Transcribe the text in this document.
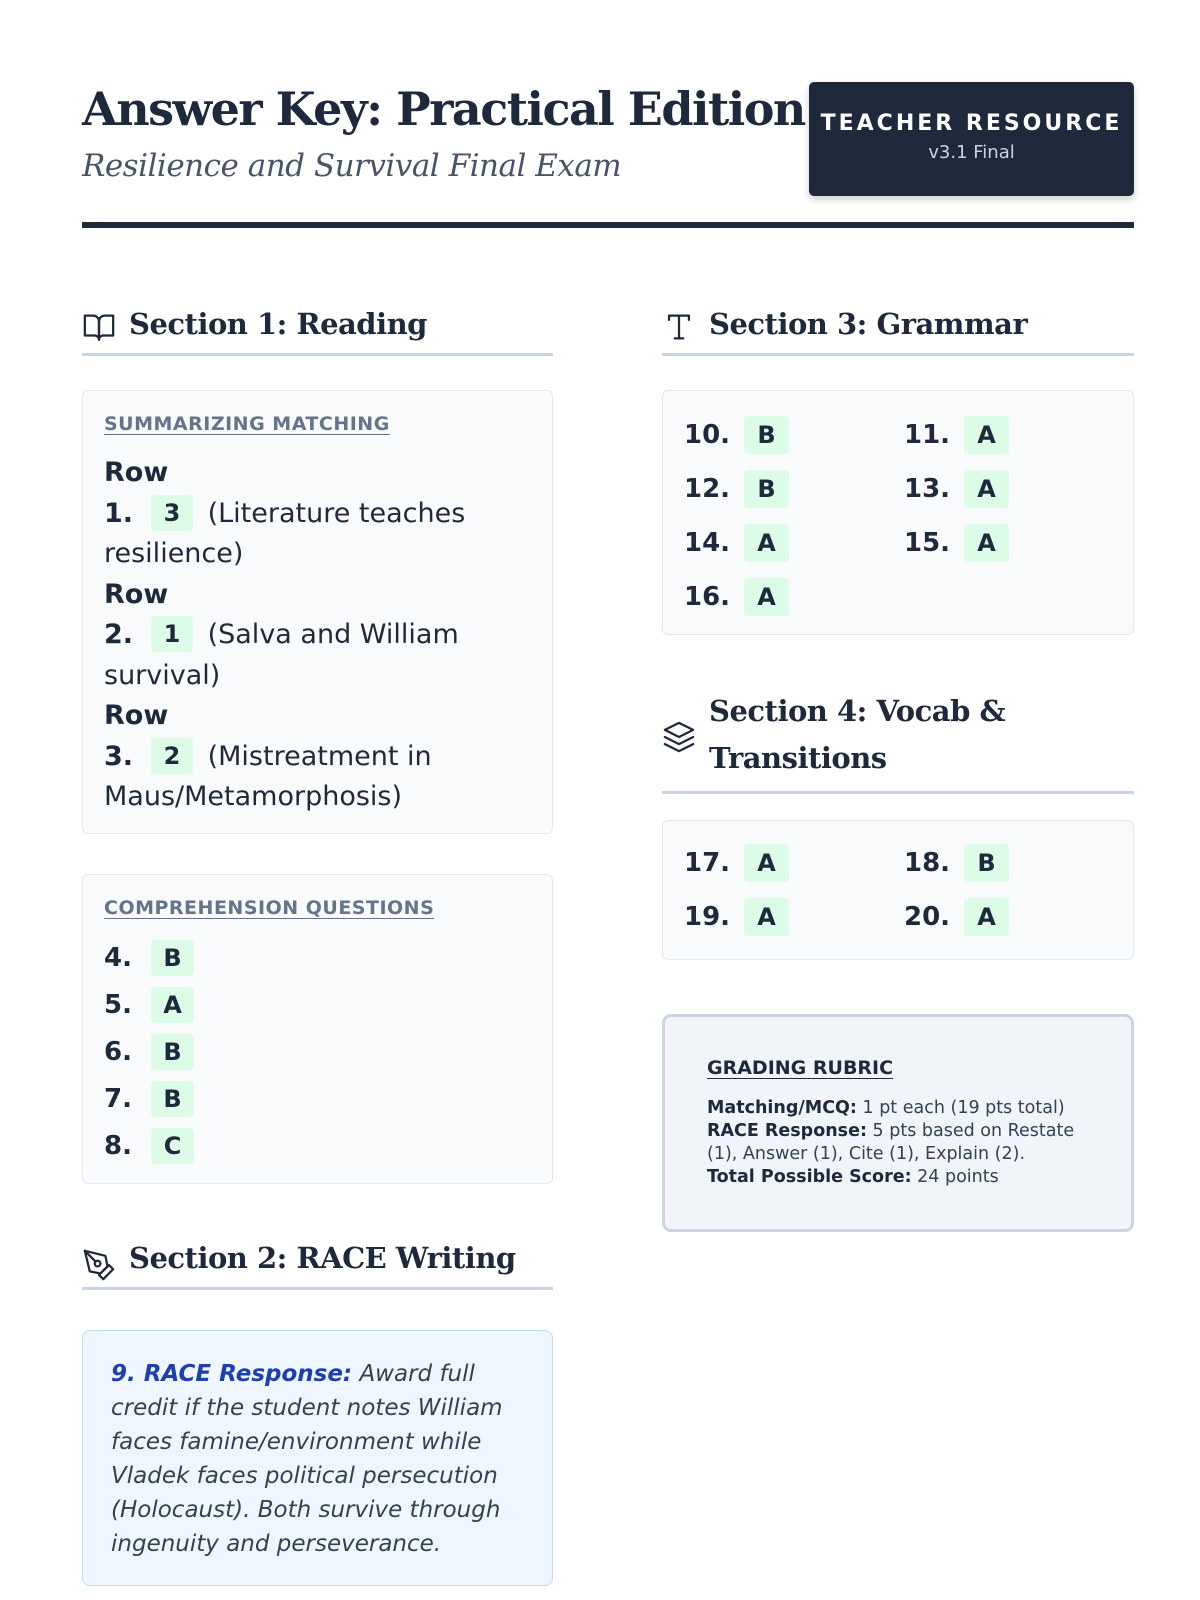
Answer Key: Practical Edition
Resilience and Survival Final Exam
TEACHER RESOURCE
v3.1 Final
Section 1: Reading
SUMMARIZING MATCHING
Row
1. 3 (Literature teaches resilience)
Row
2. 1 (Salva and William survival)
Row
3. 2 (Mistreatment in Maus/Metamorphosis)
COMPREHENSION QUESTIONS
4.	B
5.	A
6.	B
7.	B
8.	C
Section 2: RACE Writing
9. RACE Response: Award full credit if the student notes William faces famine/environment while Vladek faces political persecution (Holocaust). Both survive through ingenuity and perseverance.
Section 3: Grammar
10.	B	11.	A
12.	B	13.	A
14.	A	15.	A
16.	A
Section 4: Vocab &
Transitions
17.	A	18.	B
19.	A	20.	A
GRADING RUBRIC
Matching/MCQ: 1 pt each (19 pts total)
RACE Response: 5 pts based on Restate (1), Answer (1), Cite (1), Explain (2).
Total Possible Score: 24 points
